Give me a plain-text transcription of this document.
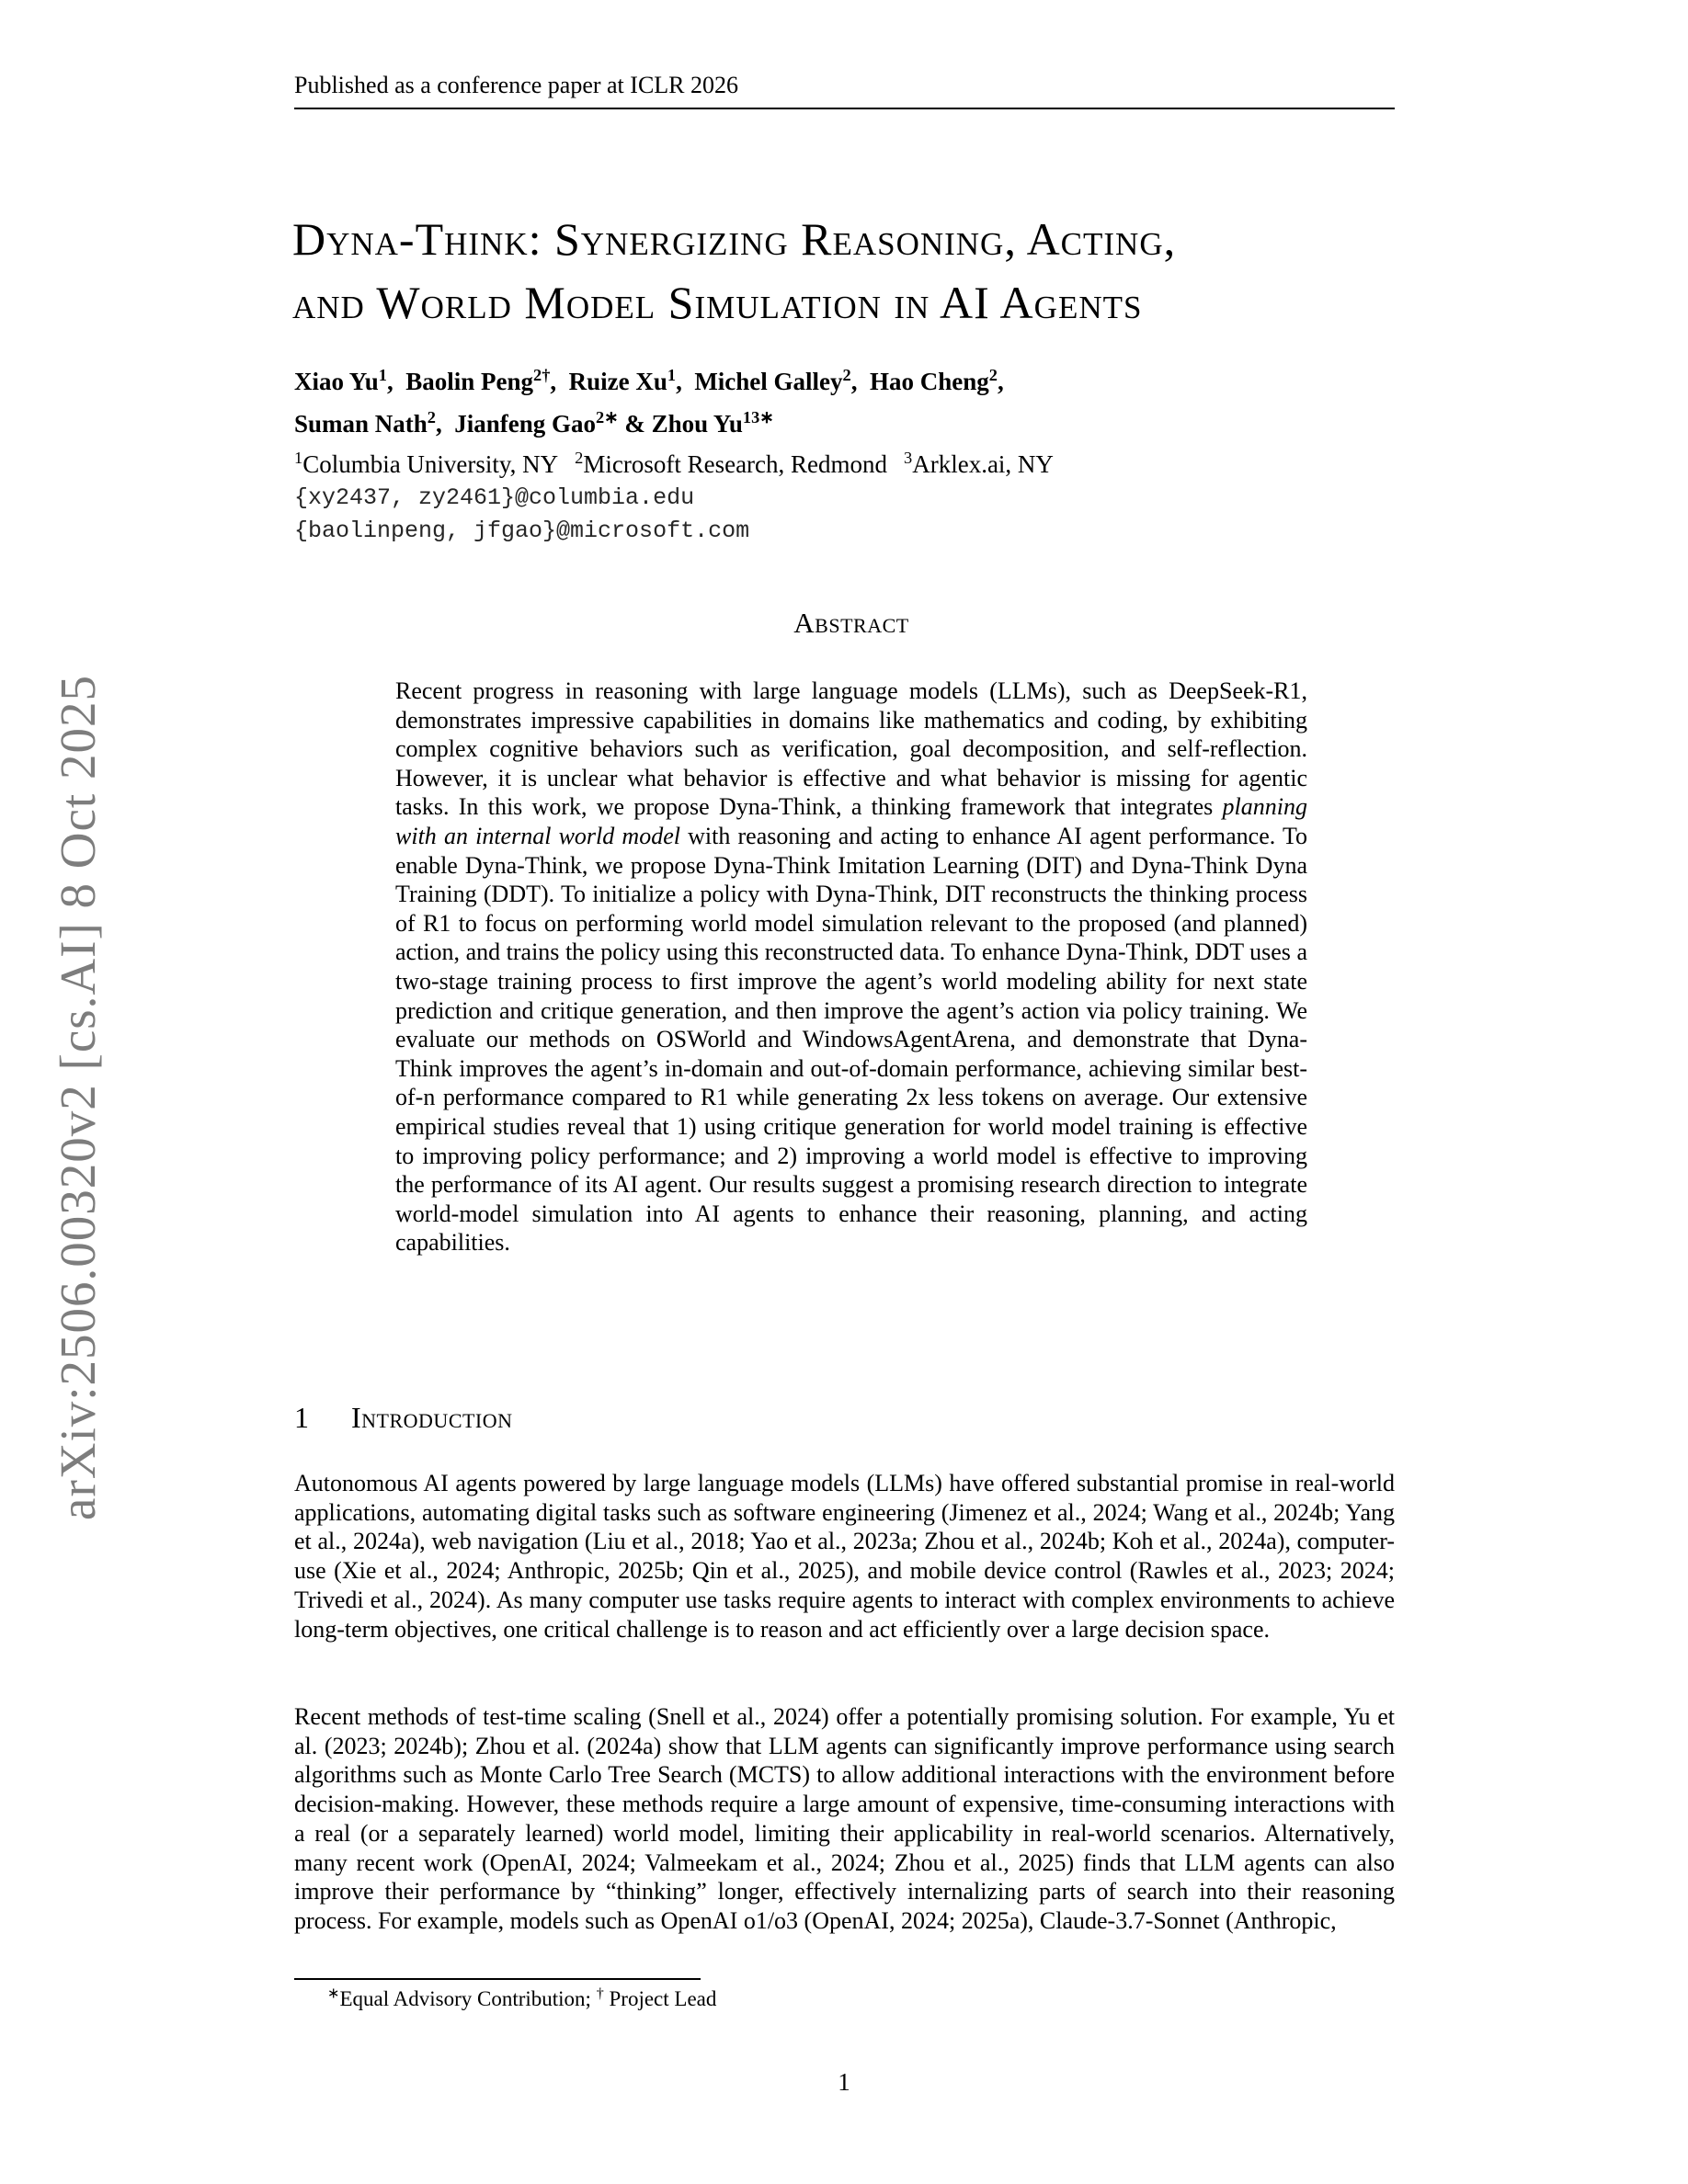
arXiv:2506.00320v2 [cs.AI] 8 Oct 2025
Published as a conference paper at ICLR 2026
Dyna-Think: Synergizing Reasoning, Acting,
and World Model Simulation in AI Agents
Xiao Yu$^1$,  Baolin Peng$^{2\dagger}$,  Ruize Xu$^1$,  Michel Galley$^2$,  Hao Cheng$^2$,
Suman Nath$^2$,  Jianfeng Gao$^{2∗}$ & Zhou $Yu^{13∗}$
$^1$Columbia University, NY $^2$Microsoft Research, Redmond $^3$Arklex.ai, NY
{xy2437, zy2461}@columbia.edu
{baolinpeng, jfgao}@microsoft.com
Abstract

Recent progress in reasoning with large language models (LLMs), such as DeepSeek-R1, demonstrates impressive capabilities in domains like mathematics and coding, by exhibiting complex cognitive behaviors such as verification, goal decomposition, and self-reflection. However, it is unclear what behavior is effective and what behavior is missing for agentic tasks. In this work, we propose Dyna-Think, a thinking framework that integrates planning with an internal world model with reasoning and acting to enhance AI agent performance. To enable Dyna-Think, we propose Dyna-Think Imitation Learning (DIT) and Dyna-Think Dyna Training (DDT). To initialize a policy with Dyna-Think, DIT reconstructs the thinking process of R1 to focus on performing world model simulation relevant to the proposed (and planned) action, and trains the policy using this reconstructed data. To enhance Dyna-Think, DDT uses a two-stage training process to first improve the agent’s world modeling ability for next state prediction and critique generation, and then improve the agent’s action via policy training. We evaluate our methods on OSWorld and WindowsAgentArena, and demonstrate that Dyna-Think improves the agent’s in-domain and out-of-domain performance, achieving similar best-of-n performance compared to R1 while generating 2x less tokens on average. Our extensive empirical studies reveal that 1) using critique generation for world model training is effective to improving policy performance; and 2) improving a world model is effective to improving the performance of its AI agent. Our results suggest a promising research direction to integrate world-model simulation into AI agents to enhance their reasoning, planning, and acting capabilities.

1 Introduction

Autonomous AI agents powered by large language models (LLMs) have offered substantial promise in real-world applications, automating digital tasks such as software engineering (Jimenez et al., 2024; Wang et al., 2024b; Yang et al., 2024a), web navigation (Liu et al., 2018; Yao et al., 2023a; Zhou et al., 2024b; Koh et al., 2024a), computer-use (Xie et al., 2024; Anthropic, 2025b; Qin et al., 2025), and mobile device control (Rawles et al., 2023; 2024; Trivedi et al., 2024). As many computer use tasks require agents to interact with complex environments to achieve long-term objectives, one critical challenge is to reason and act efficiently over a large decision space.

Recent methods of test-time scaling (Snell et al., 2024) offer a potentially promising solution. For example, Yu et al. (2023; 2024b); Zhou et al. (2024a) show that LLM agents can significantly improve performance using search algorithms such as Monte Carlo Tree Search (MCTS) to allow additional interactions with the environment before decision-making. However, these methods require a large amount of expensive, time-consuming interactions with a real (or a separately learned) world model, limiting their applicability in real-world scenarios. Alternatively, many recent work (OpenAI, 2024; Valmeekam et al., 2024; Zhou et al., 2025) finds that LLM agents can also improve their performance by “thinking” longer, effectively internalizing parts of search into their reasoning process. For example, models such as OpenAI o1/o3 (OpenAI, 2024; 2025a), Claude-3.7-Sonnet (Anthropic,

∗Equal Advisory Contribution; † Project Lead
1
